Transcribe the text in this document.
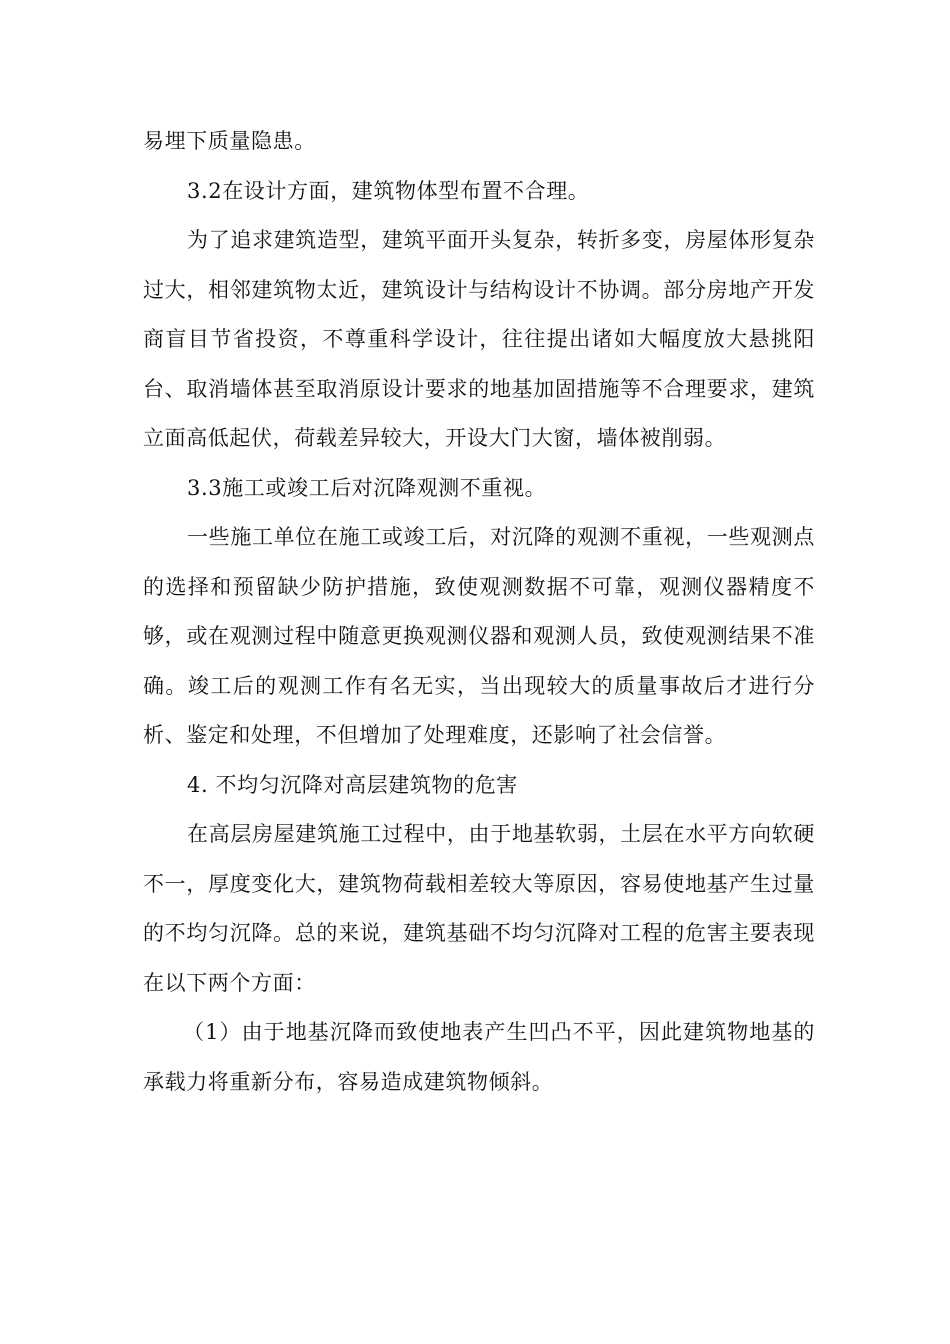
易埋下质量隐患。

3.2在设计方面，建筑物体型布置不合理。

为了追求建筑造型，建筑平面开头复杂，转折多变，房屋体形复杂过大，相邻建筑物太近，建筑设计与结构设计不协调。部分房地产开发商盲目节省投资，不尊重科学设计，往往提出诸如大幅度放大悬挑阳台、取消墙体甚至取消原设计要求的地基加固措施等不合理要求，建筑立面高低起伏，荷载差异较大，开设大门大窗，墙体被削弱。

3.3施工或竣工后对沉降观测不重视。

一些施工单位在施工或竣工后，对沉降的观测不重视，一些观测点的选择和预留缺少防护措施，致使观测数据不可靠，观测仪器精度不够，或在观测过程中随意更换观测仪器和观测人员，致使观测结果不准确。竣工后的观测工作有名无实，当出现较大的质量事故后才进行分析、鉴定和处理，不但增加了处理难度，还影响了社会信誉。

4. 不均匀沉降对高层建筑物的危害

在高层房屋建筑施工过程中，由于地基软弱，土层在水平方向软硬不一，厚度变化大，建筑物荷载相差较大等原因，容易使地基产生过量的不均匀沉降。总的来说，建筑基础不均匀沉降对工程的危害主要表现在以下两个方面：

（1）由于地基沉降而致使地表产生凹凸不平，因此建筑物地基的承载力将重新分布，容易造成建筑物倾斜。
